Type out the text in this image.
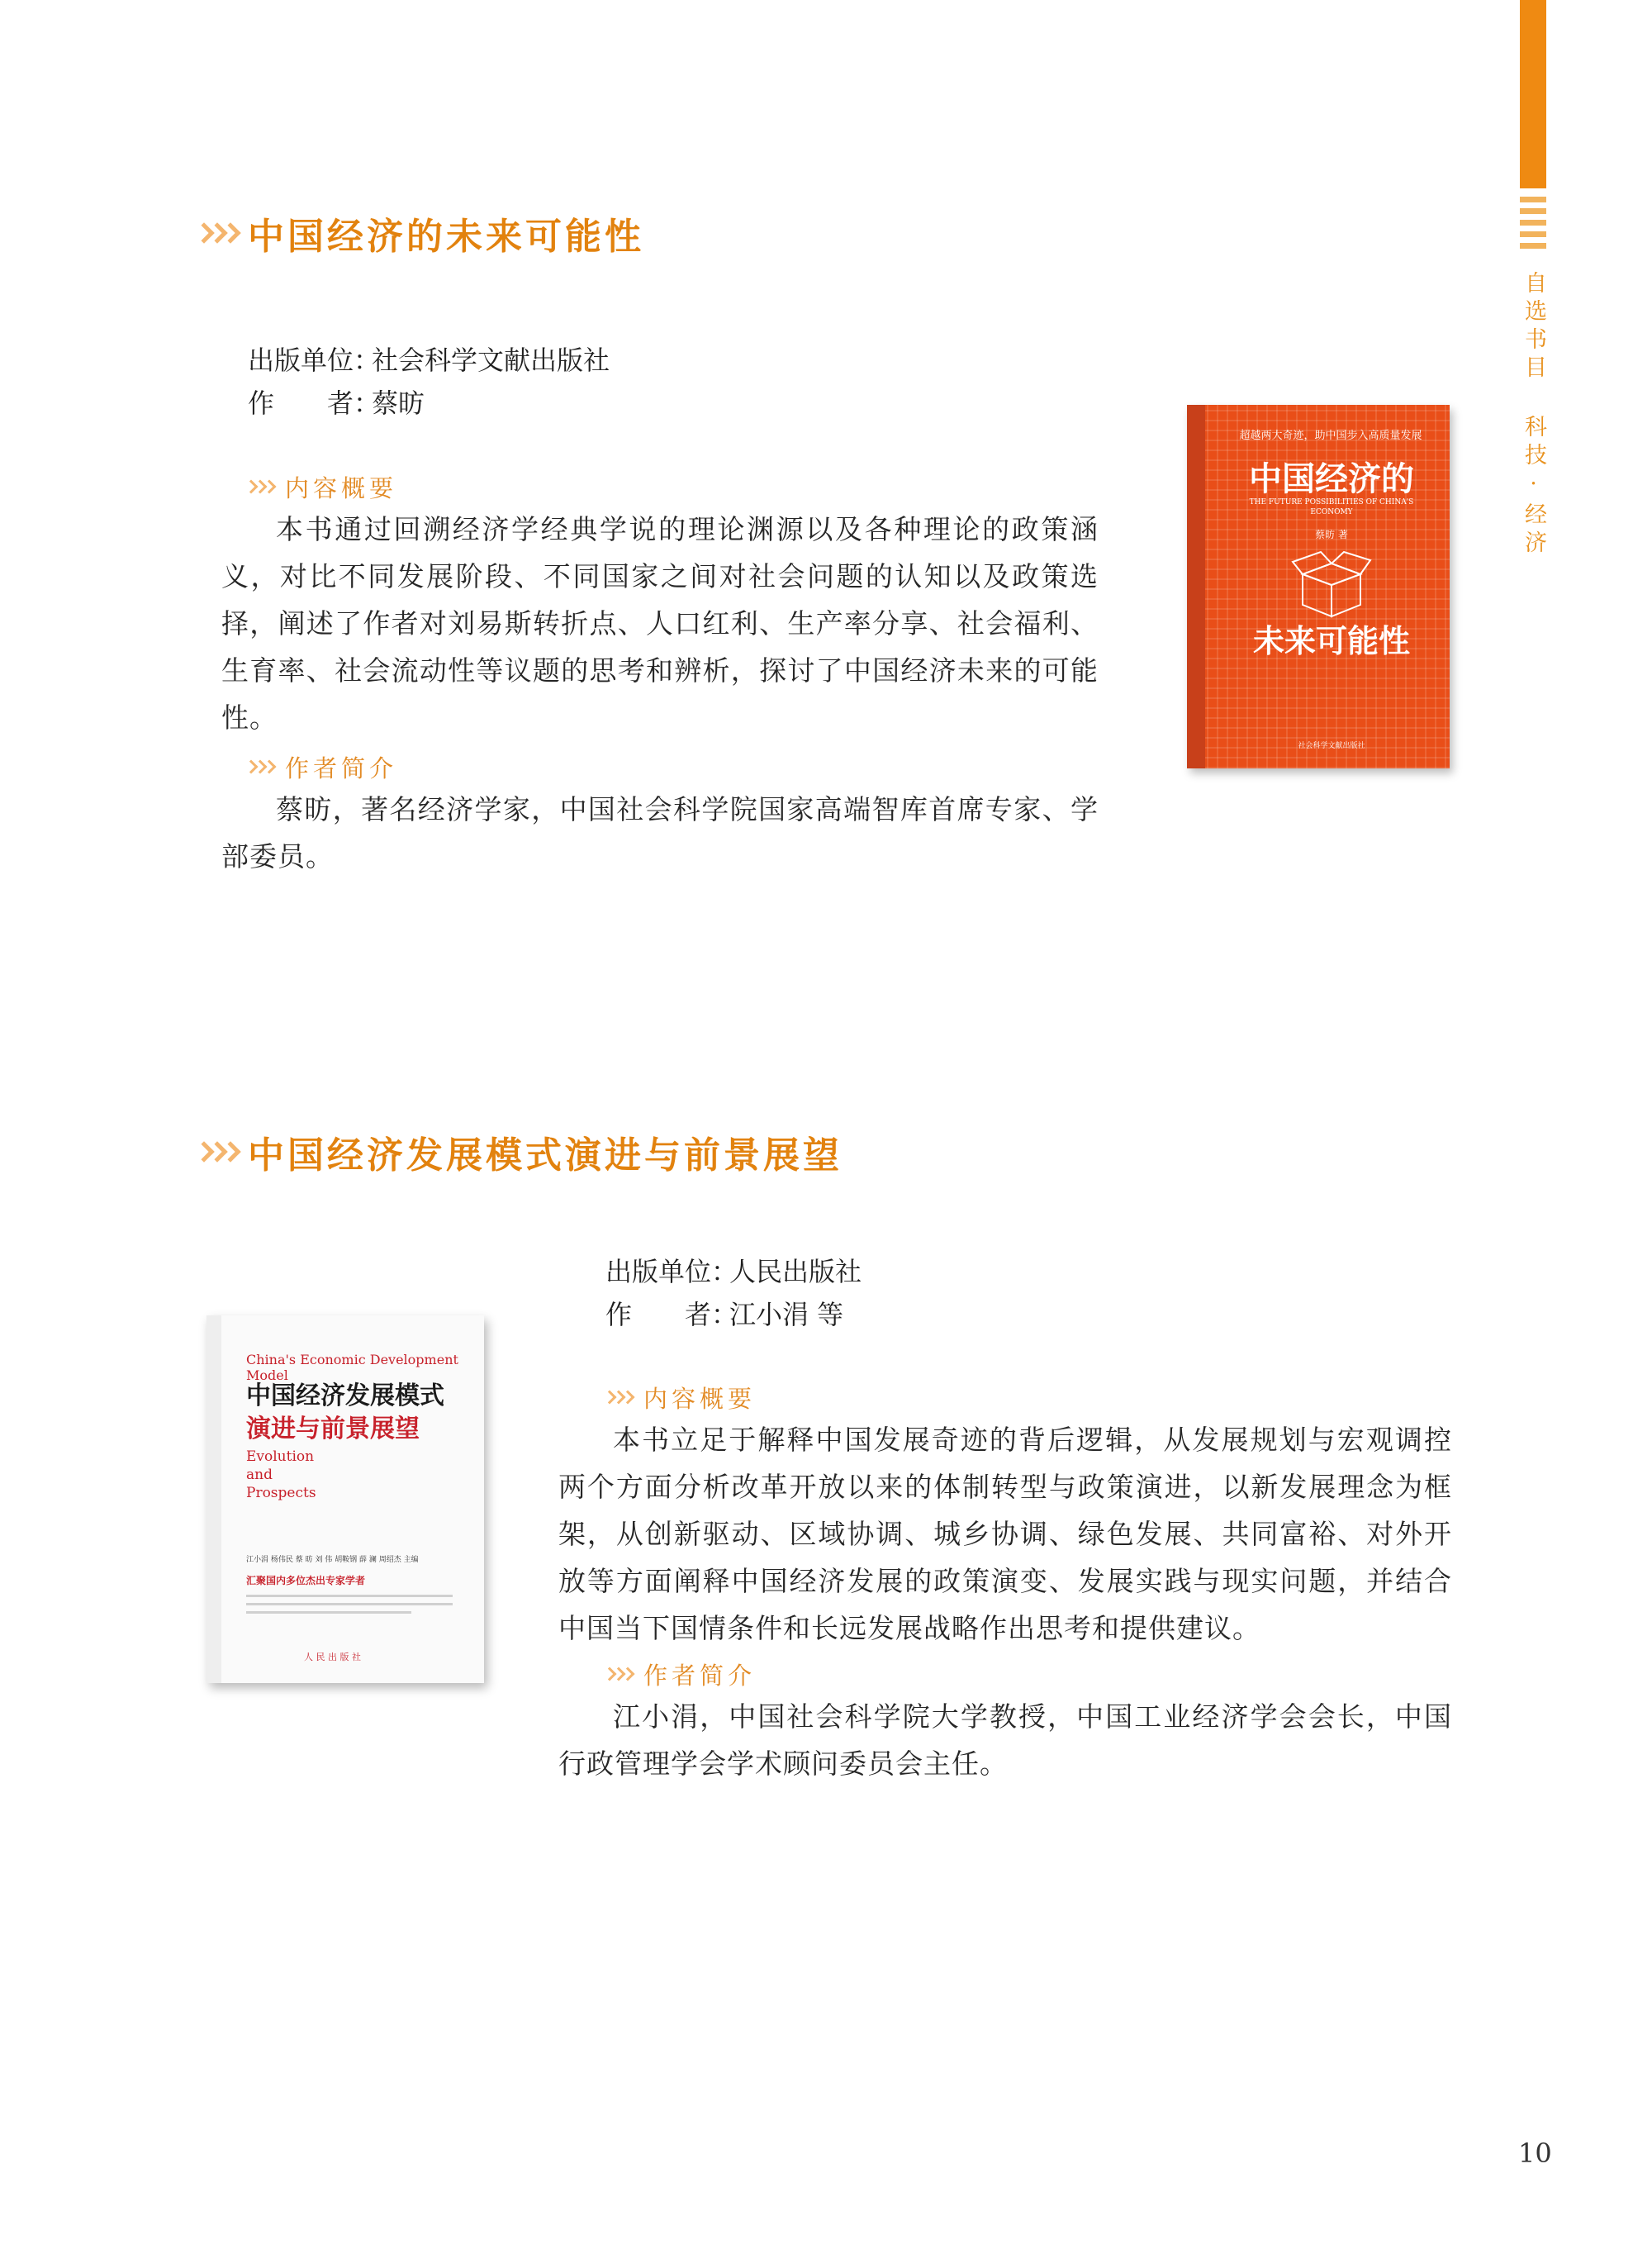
自选书目 科技·经济
中国经济的未来可能性
出版单位：社会科学文献出版社
作　　者：蔡昉
内容概要

本书通过回溯经济学经典学说的理论渊源以及各种理论的政策涵义，对比不同发展阶段、不同国家之间对社会问题的认知以及政策选择，阐述了作者对刘易斯转折点、人口红利、生产率分享、社会福利、生育率、社会流动性等议题的思考和辨析，探讨了中国经济未来的可能性。

作者简介

蔡昉，著名经济学家，中国社会科学院国家高端智库首席专家、学部委员。

超越两大奇迹，助中国步入高质量发展
中国经济的
THE FUTURE POSSIBILITIES OF CHINA'S ECONOMY
蔡昉 著
未来可能性
社会科学文献出版社
中国经济发展模式演进与前景展望
出版单位：人民出版社
作　　者：江小涓 等
内容概要

本书立足于解释中国发展奇迹的背后逻辑，从发展规划与宏观调控两个方面分析改革开放以来的体制转型与政策演进，以新发展理念为框架，从创新驱动、区域协调、城乡协调、绿色发展、共同富裕、对外开放等方面阐释中国经济发展的政策演变、发展实践与现实问题，并结合中国当下国情条件和长远发展战略作出思考和提供建议。

作者简介

江小涓，中国社会科学院大学教授，中国工业经济学会会长，中国行政管理学会学术顾问委员会主任。

China's Economic Development Model
中国经济发展模式
演进与前景展望
Evolution
and
Prospects
江小涓 杨伟民 蔡 昉 刘 伟 胡鞍钢 薛 澜 周绍杰 主编
汇聚国内多位杰出专家学者
人 民 出 版 社
10
